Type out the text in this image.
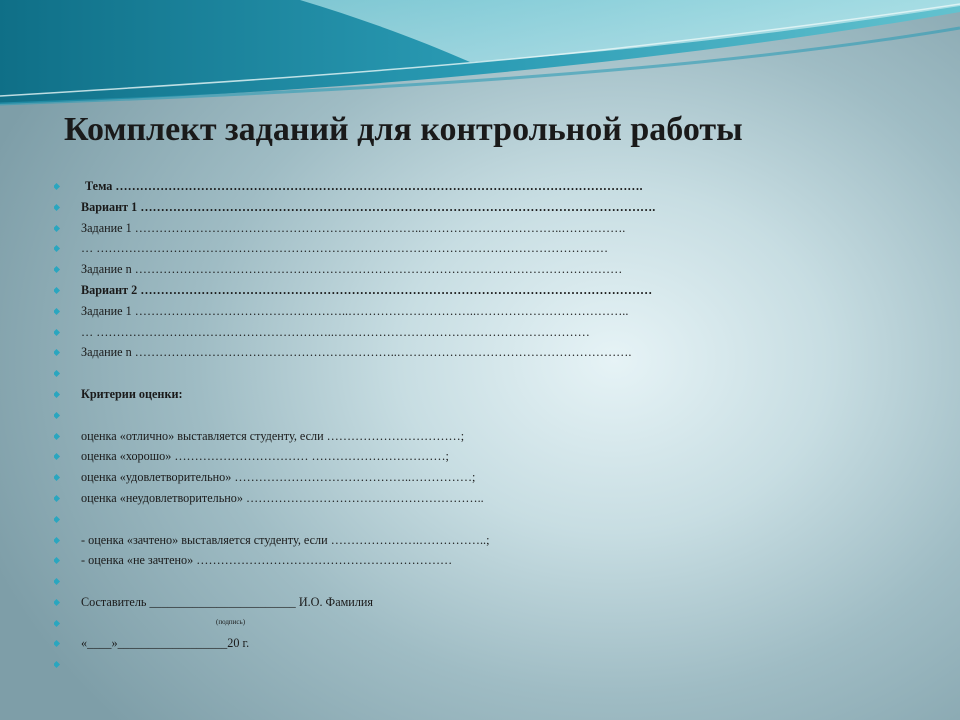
Комплект заданий для контрольной работы
Тема ………………………………………………………………………………………………………………….
Вариант 1 ……………………………………………………………………………………………………………….
Задание 1 ……………………………………………………………..……………………………..…………….
… ………………………………………………………………………………………………………………
Задание n …………………………………………………………………………………………………………
Вариант 2 ………………………………………………………………………………………………………………
Задание 1 ……………………………………………..…………………………..………………………………..
… …………………………………………………..………………………………………………………
Задание n ………………………………………………………..………………………………………………….
Критерии оценки:
оценка «отлично» выставляется студенту, если ……………………………;
оценка «хорошо» …………………………… ……………………………;
оценка «удовлетворительно» ……………………………………..……………;
оценка «неудовлетворительно» …………………………………………………..
- оценка «зачтено» выставляется студенту, если ………………….……………..;
- оценка «не зачтено» ………………………………………………………
Составитель ________________________ И.О. Фамилия
(подпись)
«____»__________________20 г.
